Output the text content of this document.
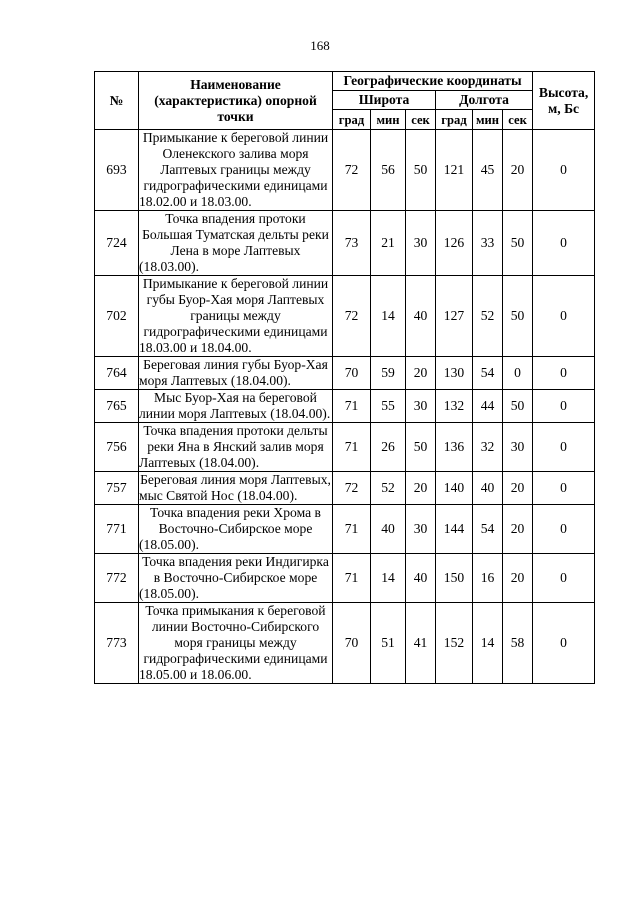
168
№	Наименование (характеристика) опорной точки	Географические координаты						Высота, м, Бс
		Широта			Долгота			
		град	мин	сек	град	мин	сек	
693	Примыкание к береговой линии Оленекского залива моря Лаптевых границы между гидрографическими единицами 18.02.00 и 18.03.00.	72	56	50	121	45	20	0
724	Точка впадения протоки Большая Туматская дельты реки Лена в море Лаптевых (18.03.00).	73	21	30	126	33	50	0
702	Примыкание к береговой линии губы Буор-Хая моря Лаптевых границы между гидрографическими единицами 18.03.00 и 18.04.00.	72	14	40	127	52	50	0
764	Береговая линия губы Буор-Хая моря Лаптевых (18.04.00).	70	59	20	130	54	0	0
765	Мыс Буор-Хая на береговой линии моря Лаптевых (18.04.00).	71	55	30	132	44	50	0
756	Точка впадения протоки дельты реки Яна в Янский залив моря Лаптевых (18.04.00).	71	26	50	136	32	30	0
757	Береговая линия моря Лаптевых, мыс Святой Нос (18.04.00).	72	52	20	140	40	20	0
771	Точка впадения реки Хрома в Восточно-Сибирское море (18.05.00).	71	40	30	144	54	20	0
772	Точка впадения реки Индигирка в Восточно-Сибирское море (18.05.00).	71	14	40	150	16	20	0
773	Точка примыкания к береговой линии Восточно-Сибирского моря границы между гидрографическими единицами 18.05.00 и 18.06.00.	70	51	41	152	14	58	0
